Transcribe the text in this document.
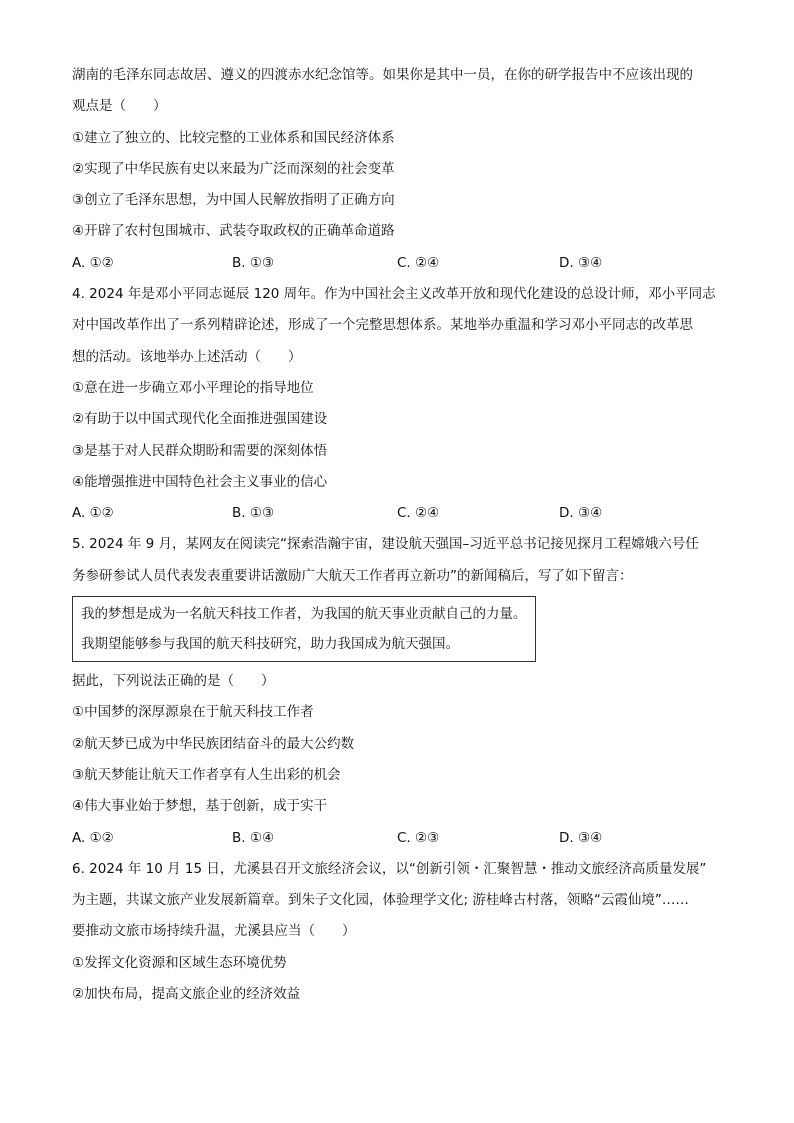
湖南的毛泽东同志故居、遵义的四渡赤水纪念馆等。如果你是其中一员，在你的研学报告中不应该出现的
观点是（　　）
①建立了独立的、比较完整的工业体系和国民经济体系
②实现了中华民族有史以来最为广泛而深刻的社会变革
③创立了毛泽东思想，为中国人民解放指明了正确方向
④开辟了农村包围城市、武装夺取政权的正确革命道路
A. ①②	B. ①③	C. ②④	D. ③④
4. 2024 年是邓小平同志诞辰 120 周年。作为中国社会主义改革开放和现代化建设的总设计师，邓小平同志
对中国改革作出了一系列精辟论述，形成了一个完整思想体系。某地举办重温和学习邓小平同志的改革思
想的活动。该地举办上述活动（　　）
①意在进一步确立邓小平理论的指导地位
②有助于以中国式现代化全面推进强国建设
③是基于对人民群众期盼和需要的深刻体悟
④能增强推进中国特色社会主义事业的信心
A. ①②	B. ①③	C. ②④	D. ③④
5. 2024 年 9 月，某网友在阅读完“探索浩瀚宇宙，建设航天强国–习近平总书记接见探月工程嫦娥六号任
务参研参试人员代表发表重要讲话激励广大航天工作者再立新功”的新闻稿后，写了如下留言：
我的梦想是成为一名航天科技工作者，为我国的航天事业贡献自己的力量。
我期望能够参与我国的航天科技研究，助力我国成为航天强国。
据此，下列说法正确的是（　　）
①中国梦的深厚源泉在于航天科技工作者
②航天梦已成为中华民族团结奋斗的最大公约数
③航天梦能让航天工作者享有人生出彩的机会
④伟大事业始于梦想，基于创新，成于实干
A. ①②	B. ①④	C. ②③	D. ③④
6. 2024 年 10 月 15 日，尤溪县召开文旅经济会议，以“创新引领・汇聚智慧・推动文旅经济高质量发展”
为主题，共谋文旅产业发展新篇章。到朱子文化园，体验理学文化; 游桂峰古村落，领略“云霞仙境”……
要推动文旅市场持续升温，尤溪县应当（　　）
①发挥文化资源和区域生态环境优势
②加快布局，提高文旅企业的经济效益
